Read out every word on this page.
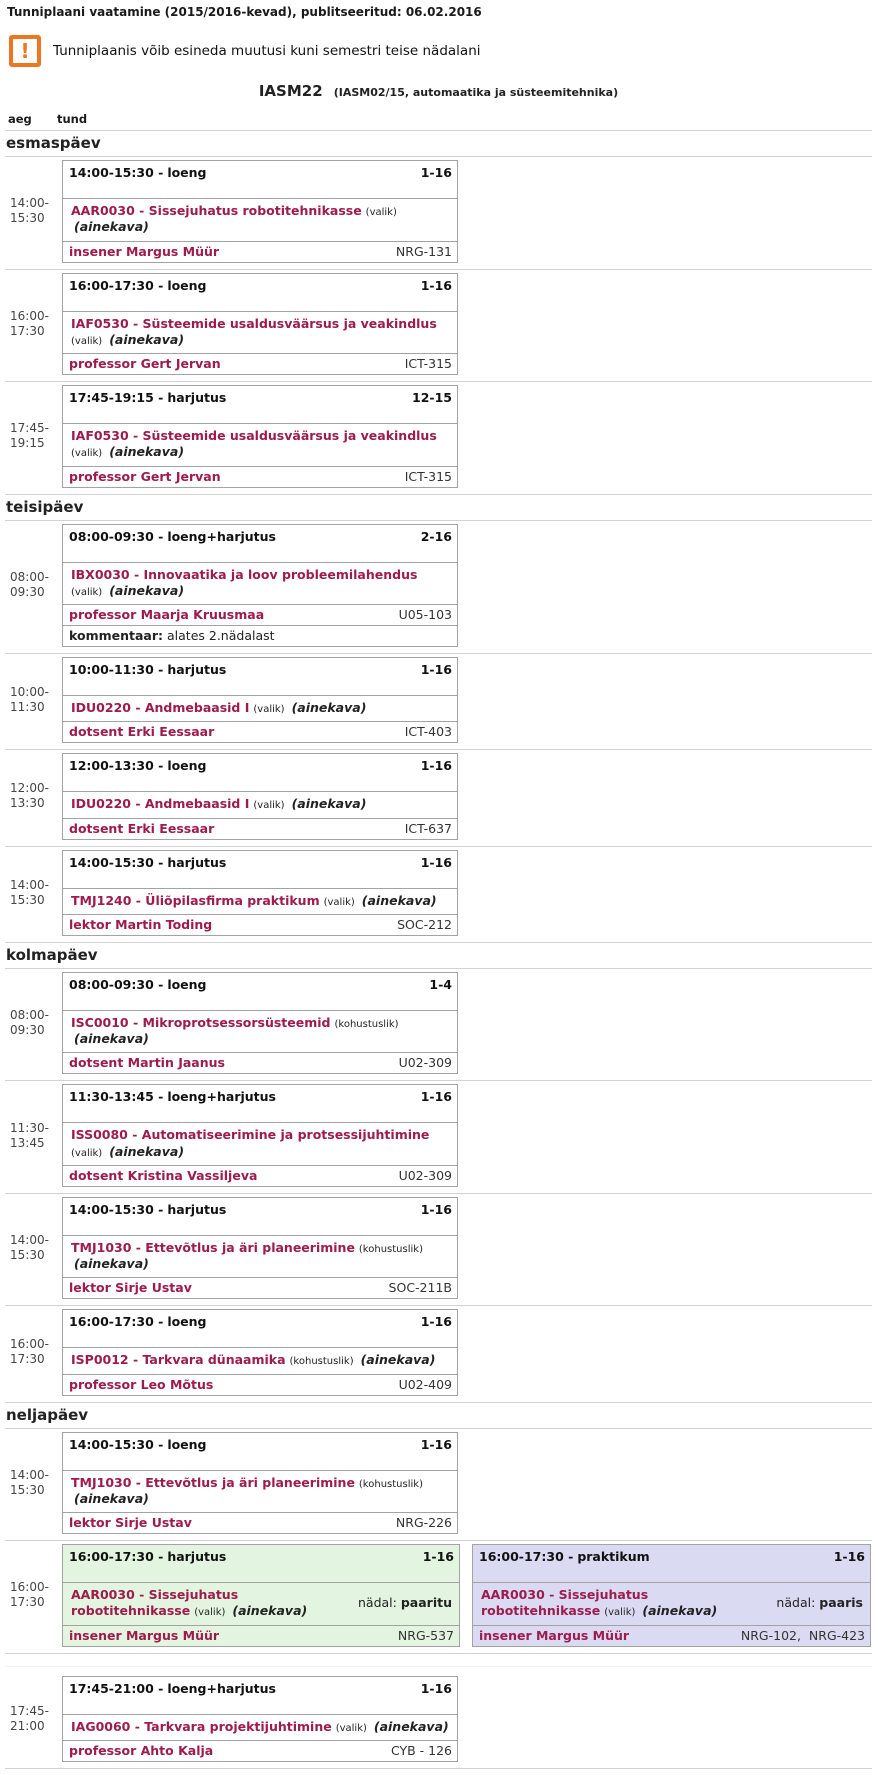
Tunniplaani vaatamine (2015/2016-kevad), publitseeritud: 06.02.2016
!	Tunniplaanis võib esineda muutusi kuni semestri teise nädalani
IASM22 (IASM02/15, automaatika ja süsteemitehnika)
aeg	tund
esmaspäev
14:00-
15:30
14:00-15:30 - loeng	1-16
AAR0030 - Sissejuhatus robotitehnikasse (valik) (ainekava)
insener Margus Müür	NRG-131
16:00-
17:30
16:00-17:30 - loeng	1-16
IAF0530 - Süsteemide usaldusväärsus ja veakindlus (valik) (ainekava)
professor Gert Jervan	ICT-315
17:45-
19:15
17:45-19:15 - harjutus	12-15
IAF0530 - Süsteemide usaldusväärsus ja veakindlus (valik) (ainekava)
professor Gert Jervan	ICT-315
teisipäev
08:00-
09:30
08:00-09:30 - loeng+harjutus	2-16
IBX0030 - Innovaatika ja loov probleemilahendus (valik) (ainekava)
professor Maarja Kruusmaa	U05-103
kommentaar: alates 2.nädalast
10:00-
11:30
10:00-11:30 - harjutus	1-16
IDU0220 - Andmebaasid I (valik) (ainekava)
dotsent Erki Eessaar	ICT-403
12:00-
13:30
12:00-13:30 - loeng	1-16
IDU0220 - Andmebaasid I (valik) (ainekava)
dotsent Erki Eessaar	ICT-637
14:00-
15:30
14:00-15:30 - harjutus	1-16
TMJ1240 - Üliõpilasfirma praktikum (valik) (ainekava)
lektor Martin Toding	SOC-212
kolmapäev
08:00-
09:30
08:00-09:30 - loeng	1-4
ISC0010 - Mikroprotsessorsüsteemid (kohustuslik) (ainekava)
dotsent Martin Jaanus	U02-309
11:30-
13:45
11:30-13:45 - loeng+harjutus	1-16
ISS0080 - Automatiseerimine ja protsessijuhtimine (valik) (ainekava)
dotsent Kristina Vassiljeva	U02-309
14:00-
15:30
14:00-15:30 - harjutus	1-16
TMJ1030 - Ettevõtlus ja äri planeerimine (kohustuslik) (ainekava)
lektor Sirje Ustav	SOC-211B
16:00-
17:30
16:00-17:30 - loeng	1-16
ISP0012 - Tarkvara dünaamika (kohustuslik) (ainekava)
professor Leo Mõtus	U02-409
neljapäev
14:00-
15:30
14:00-15:30 - loeng	1-16
TMJ1030 - Ettevõtlus ja äri planeerimine (kohustuslik) (ainekava)
lektor Sirje Ustav	NRG-226
16:00-
17:30
16:00-17:30 - harjutus	1-16
AAR0030 - Sissejuhatus robotitehnikasse (valik) (ainekava)
nädal: paaritu
insener Margus Müür	NRG-537
16:00-17:30 - praktikum	1-16
AAR0030 - Sissejuhatus robotitehnikasse (valik) (ainekava)
nädal: paaris
insener Margus Müür	NRG-102,  NRG-423
17:45-
21:00
17:45-21:00 - loeng+harjutus	1-16
IAG0060 - Tarkvara projektijuhtimine (valik) (ainekava)
professor Ahto Kalja	CYB - 126
